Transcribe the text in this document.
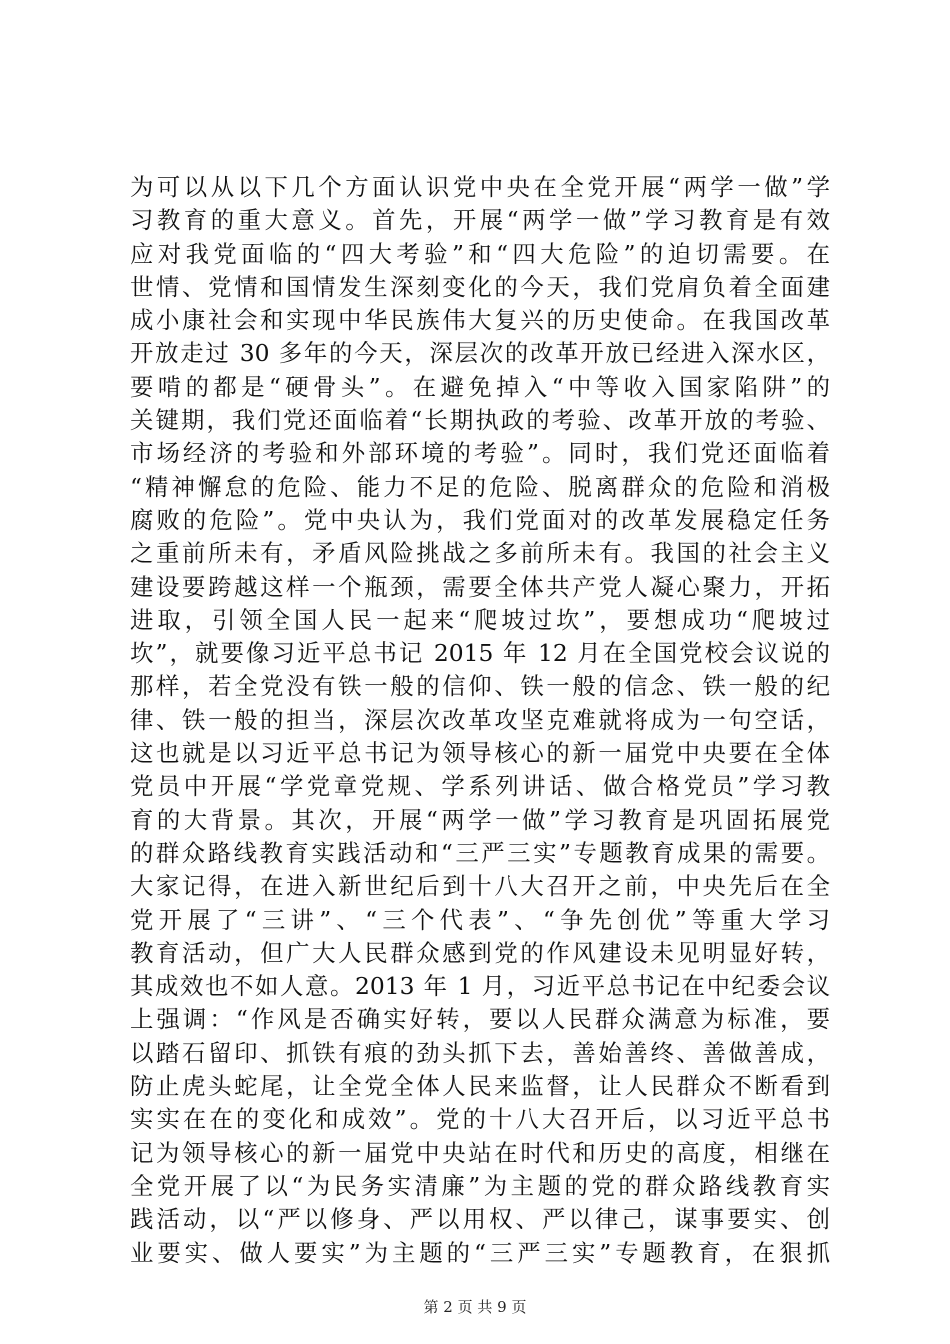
为可以从以下几个方面认识党中央在全党开展“两学一做”学
习教育的重大意义。首先，开展“两学一做”学习教育是有效
应对我党面临的“四大考验”和“四大危险”的迫切需要。在
世情、党情和国情发生深刻变化的今天，我们党肩负着全面建
成小康社会和实现中华民族伟大复兴的历史使命。在我国改革
开放走过 30 多年的今天，深层次的改革开放已经进入深水区，
要啃的都是“硬骨头”。在避免掉入“中等收入国家陷阱”的
关键期，我们党还面临着“长期执政的考验、改革开放的考验、
市场经济的考验和外部环境的考验”。同时，我们党还面临着
“精神懈怠的危险、能力不足的危险、脱离群众的危险和消极
腐败的危险”。党中央认为，我们党面对的改革发展稳定任务
之重前所未有，矛盾风险挑战之多前所未有。我国的社会主义
建设要跨越这样一个瓶颈，需要全体共产党人凝心聚力，开拓
进取，引领全国人民一起来“爬坡过坎”，要想成功“爬坡过
坎”，就要像习近平总书记 2015 年 12 月在全国党校会议说的
那样，若全党没有铁一般的信仰、铁一般的信念、铁一般的纪
律、铁一般的担当，深层次改革攻坚克难就将成为一句空话，
这也就是以习近平总书记为领导核心的新一届党中央要在全体
党员中开展“学党章党规、学系列讲话、做合格党员”学习教
育的大背景。其次，开展“两学一做”学习教育是巩固拓展党
的群众路线教育实践活动和“三严三实”专题教育成果的需要。
大家记得，在进入新世纪后到十八大召开之前，中央先后在全
党开展了“三讲”、“三个代表”、“争先创优”等重大学习
教育活动，但广大人民群众感到党的作风建设未见明显好转，
其成效也不如人意。2013 年 1 月，习近平总书记在中纪委会议
上强调：“作风是否确实好转，要以人民群众满意为标准，要
以踏石留印、抓铁有痕的劲头抓下去，善始善终、善做善成，
防止虎头蛇尾，让全党全体人民来监督，让人民群众不断看到
实实在在的变化和成效”。党的十八大召开后，以习近平总书
记为领导核心的新一届党中央站在时代和历史的高度，相继在
全党开展了以“为民务实清廉”为主题的党的群众路线教育实
践活动，以“严以修身、严以用权、严以律己，谋事要实、创
业要实、做人要实”为主题的“三严三实”专题教育，在狠抓
第 2 页 共 9 页
